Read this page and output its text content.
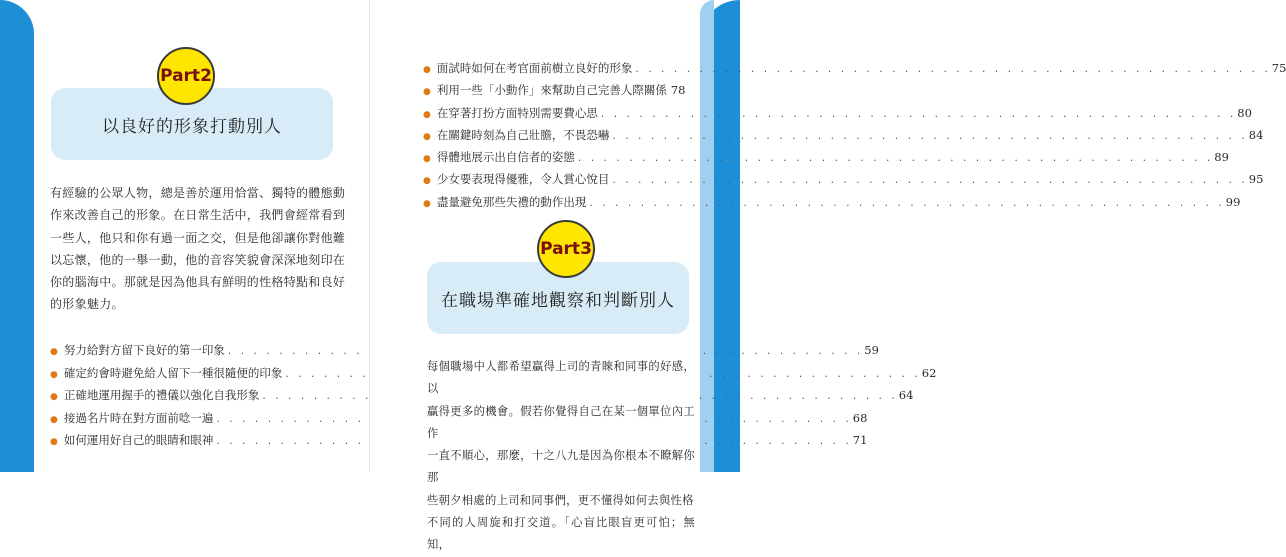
以良好的形象打動別人
Part2
有經驗的公眾人物，總是善於運用恰當、獨特的體態動
作來改善自己的形象。在日常生活中，我們會經常看到
一些人，他只和你有過一面之交，但是他卻讓你對他難
以忘懷，他的一舉一動，他的音容笑貌會深深地刻印在
你的腦海中。那就是因為他具有鮮明的性格特點和良好
的形象魅力。
● 努力給對方留下良好的第一印象 . . .	59
● 確定約會時避免給人留下一種很隨便的印象 . . .	62
● 正確地運用握手的禮儀以強化自我形象 . . .	64
● 接過名片時在對方面前唸一遍 . . .	68
● 如何運用好自己的眼睛和眼神 . . .	71
● 面試時如何在考官面前樹立良好的形象 . . .	75
● 利用一些「小動作」來幫助自己完善人際關係 78
● 在穿著打扮方面特別需要費心思 . . .	80
● 在關鍵時刻為自己壯膽，不畏恐嚇 . . .	84
● 得體地展示出自信者的姿態 . . .	89
● 少女要表現得優雅，令人賞心悅目 . . .	95
● 盡量避免那些失禮的動作出現 . . .	99
在職場準確地觀察和判斷別人
Part3
每個職場中人都希望贏得上司的青睞和同事的好感，以
贏得更多的機會。假若你覺得自己在某一個單位內工作
一直不順心，那麼，十之八九是因為你根本不瞭解你那
些朝夕相處的上司和同事們，更不懂得如何去與性格
不同的人周旋和打交道。「心盲比眼盲更可怕；無知，
